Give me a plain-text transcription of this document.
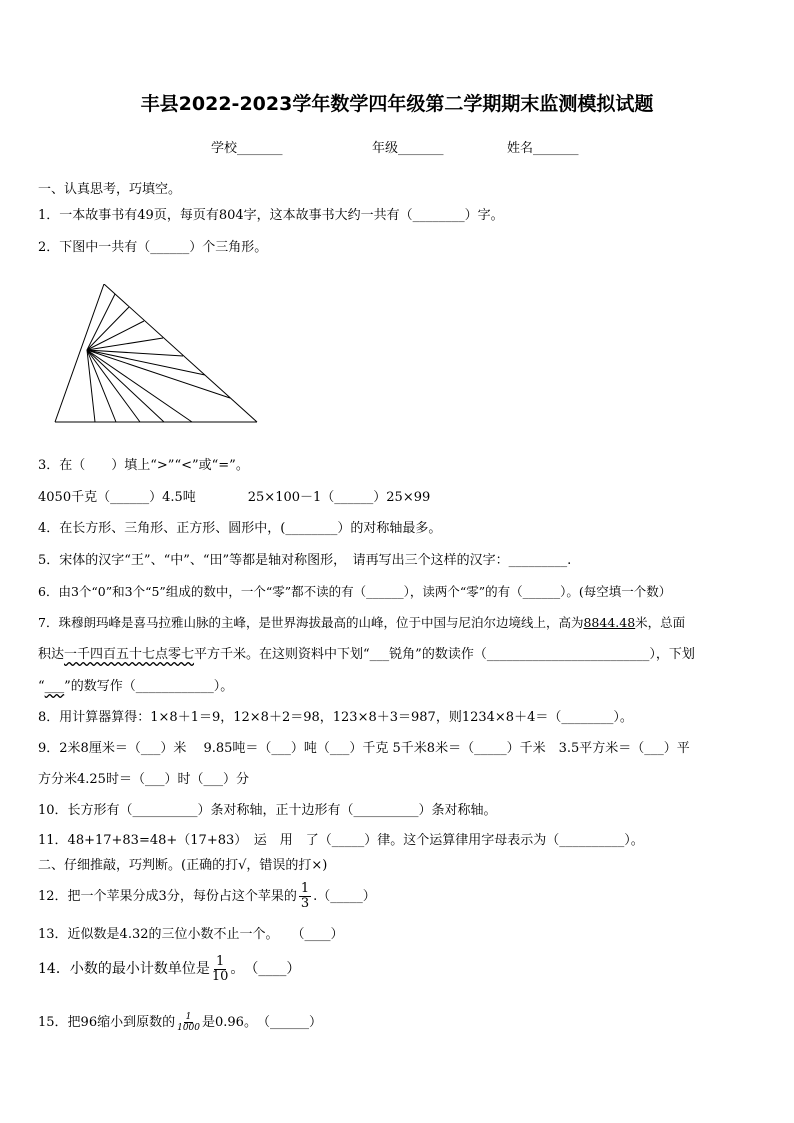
丰县2022-2023学年数学四年级第二学期期末监测模拟试题
学校_______	年级_______	姓名_______
一、认真思考，巧填空。
1．一本故事书有49页，每页有804字，这本故事书大约一共有（________）字。
2．下图中一共有（______）个三角形。
3．在（　　）填上“>”“<”或“=”。
4050千克（______）4.5吨　　　　25×100－1（______）25×99
4．在长方形、三角形、正方形、圆形中，(________）的对称轴最多。
5．宋体的汉字“王”、“中”、“田”等都是轴对称图形，　请再写出三个这样的汉字：_________.
6．由3个“0”和3个“5”组成的数中，一个“零”都不读的有（______），读两个“零”的有（______）。(每空填一个数）
7．珠穆朗玛峰是喜马拉雅山脉的主峰，是世界海拔最高的山峰，位于中国与尼泊尔边境线上，高为8844.48米，总面
积达一千四百五十七点零七平方千米。在这则资料中下划“___锐角”的数读作（_________________________），下划
“___”的数写作（____________）。
8．用计算器算得：1×8＋1＝9，12×8＋2＝98，123×8＋3＝987，则1234×8＋4＝（________）。
9．2米8厘米＝（___）米　 9.85吨＝（___）吨（___）千克 5千米8米＝（_____）千米　3.5平方米＝（___）平
方分米4.25时＝（___）时（___）分
10．长方形有（__________）条对称轴，正十边形有（__________）条对称轴。
11．48+17+83=48+（17+83）　运　用　了（_____）律。这个运算律用字母表示为（__________）。
二、仔细推敲，巧判断。(正确的打√，错误的打×)
12．把一个苹果分成3分，每份占这个苹果的 $\frac{1}{3}$ .（_____）
13．近似数是4.32的三位小数不止一个。　　（____）
14．小数的最小计数单位是 $\frac{1}{10}$ 。　（____）
15．把96缩小到原数的 $\frac{1}{1000}$ 是0.96。　（______）
